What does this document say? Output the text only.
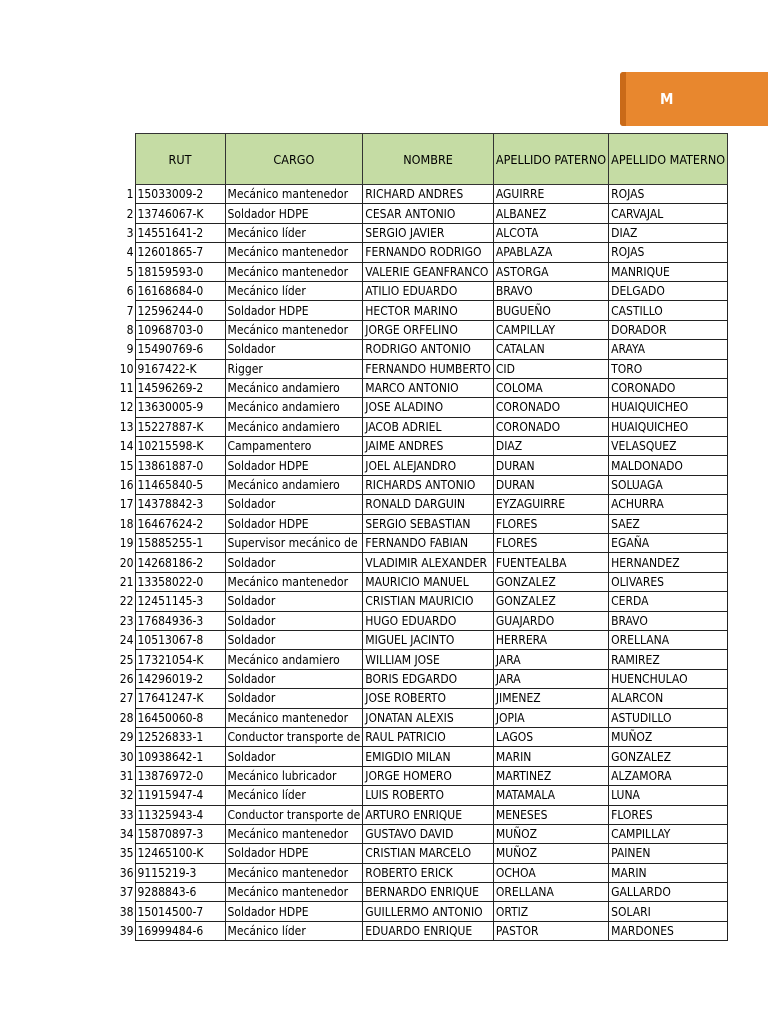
M
	RUT	CARGO	NOMBRE	APELLIDO PATERNO	APELLIDO MATERNO
1	15033009-2	Mecánico mantenedor	RICHARD ANDRES	AGUIRRE	ROJAS
2	13746067-K	Soldador HDPE	CESAR ANTONIO	ALBANEZ	CARVAJAL
3	14551641-2	Mecánico líder	SERGIO JAVIER	ALCOTA	DIAZ
4	12601865-7	Mecánico mantenedor	FERNANDO RODRIGO	APABLAZA	ROJAS
5	18159593-0	Mecánico mantenedor	VALERIE GEANFRANCO	ASTORGA	MANRIQUE
6	16168684-0	Mecánico líder	ATILIO EDUARDO	BRAVO	DELGADO
7	12596244-0	Soldador HDPE	HECTOR MARINO	BUGUEÑO	CASTILLO
8	10968703-0	Mecánico mantenedor	JORGE ORFELINO	CAMPILLAY	DORADOR
9	15490769-6	Soldador	RODRIGO ANTONIO	CATALAN	ARAYA
10	9167422-K	Rigger	FERNANDO HUMBERTO	CID	TORO
11	14596269-2	Mecánico andamiero	MARCO ANTONIO	COLOMA	CORONADO
12	13630005-9	Mecánico andamiero	JOSE ALADINO	CORONADO	HUAIQUICHEO
13	15227887-K	Mecánico andamiero	JACOB ADRIEL	CORONADO	HUAIQUICHEO
14	10215598-K	Campamentero	JAIME ANDRES	DIAZ	VELASQUEZ
15	13861887-0	Soldador HDPE	JOEL ALEJANDRO	DURAN	MALDONADO
16	11465840-5	Mecánico andamiero	RICHARDS ANTONIO	DURAN	SOLUAGA
17	14378842-3	Soldador	RONALD DARGUIN	EYZAGUIRRE	ACHURRA
18	16467624-2	Soldador HDPE	SERGIO SEBASTIAN	FLORES	SAEZ
19	15885255-1	Supervisor mecánico de	FERNANDO FABIAN	FLORES	EGAÑA
20	14268186-2	Soldador	VLADIMIR ALEXANDER	FUENTEALBA	HERNANDEZ
21	13358022-0	Mecánico mantenedor	MAURICIO MANUEL	GONZALEZ	OLIVARES
22	12451145-3	Soldador	CRISTIAN MAURICIO	GONZALEZ	CERDA
23	17684936-3	Soldador	HUGO EDUARDO	GUAJARDO	BRAVO
24	10513067-8	Soldador	MIGUEL JACINTO	HERRERA	ORELLANA
25	17321054-K	Mecánico andamiero	WILLIAM JOSE	JARA	RAMIREZ
26	14296019-2	Soldador	BORIS EDGARDO	JARA	HUENCHULAO
27	17641247-K	Soldador	JOSE ROBERTO	JIMENEZ	ALARCON
28	16450060-8	Mecánico mantenedor	JONATAN ALEXIS	JOPIA	ASTUDILLO
29	12526833-1	Conductor transporte de	RAUL PATRICIO	LAGOS	MUÑOZ
30	10938642-1	Soldador	EMIGDIO MILAN	MARIN	GONZALEZ
31	13876972-0	Mecánico lubricador	JORGE HOMERO	MARTINEZ	ALZAMORA
32	11915947-4	Mecánico líder	LUIS ROBERTO	MATAMALA	LUNA
33	11325943-4	Conductor transporte de	ARTURO ENRIQUE	MENESES	FLORES
34	15870897-3	Mecánico mantenedor	GUSTAVO DAVID	MUÑOZ	CAMPILLAY
35	12465100-K	Soldador HDPE	CRISTIAN MARCELO	MUÑOZ	PAINEN
36	9115219-3	Mecánico mantenedor	ROBERTO ERICK	OCHOA	MARIN
37	9288843-6	Mecánico mantenedor	BERNARDO ENRIQUE	ORELLANA	GALLARDO
38	15014500-7	Soldador HDPE	GUILLERMO ANTONIO	ORTIZ	SOLARI
39	16999484-6	Mecánico líder	EDUARDO ENRIQUE	PASTOR	MARDONES
